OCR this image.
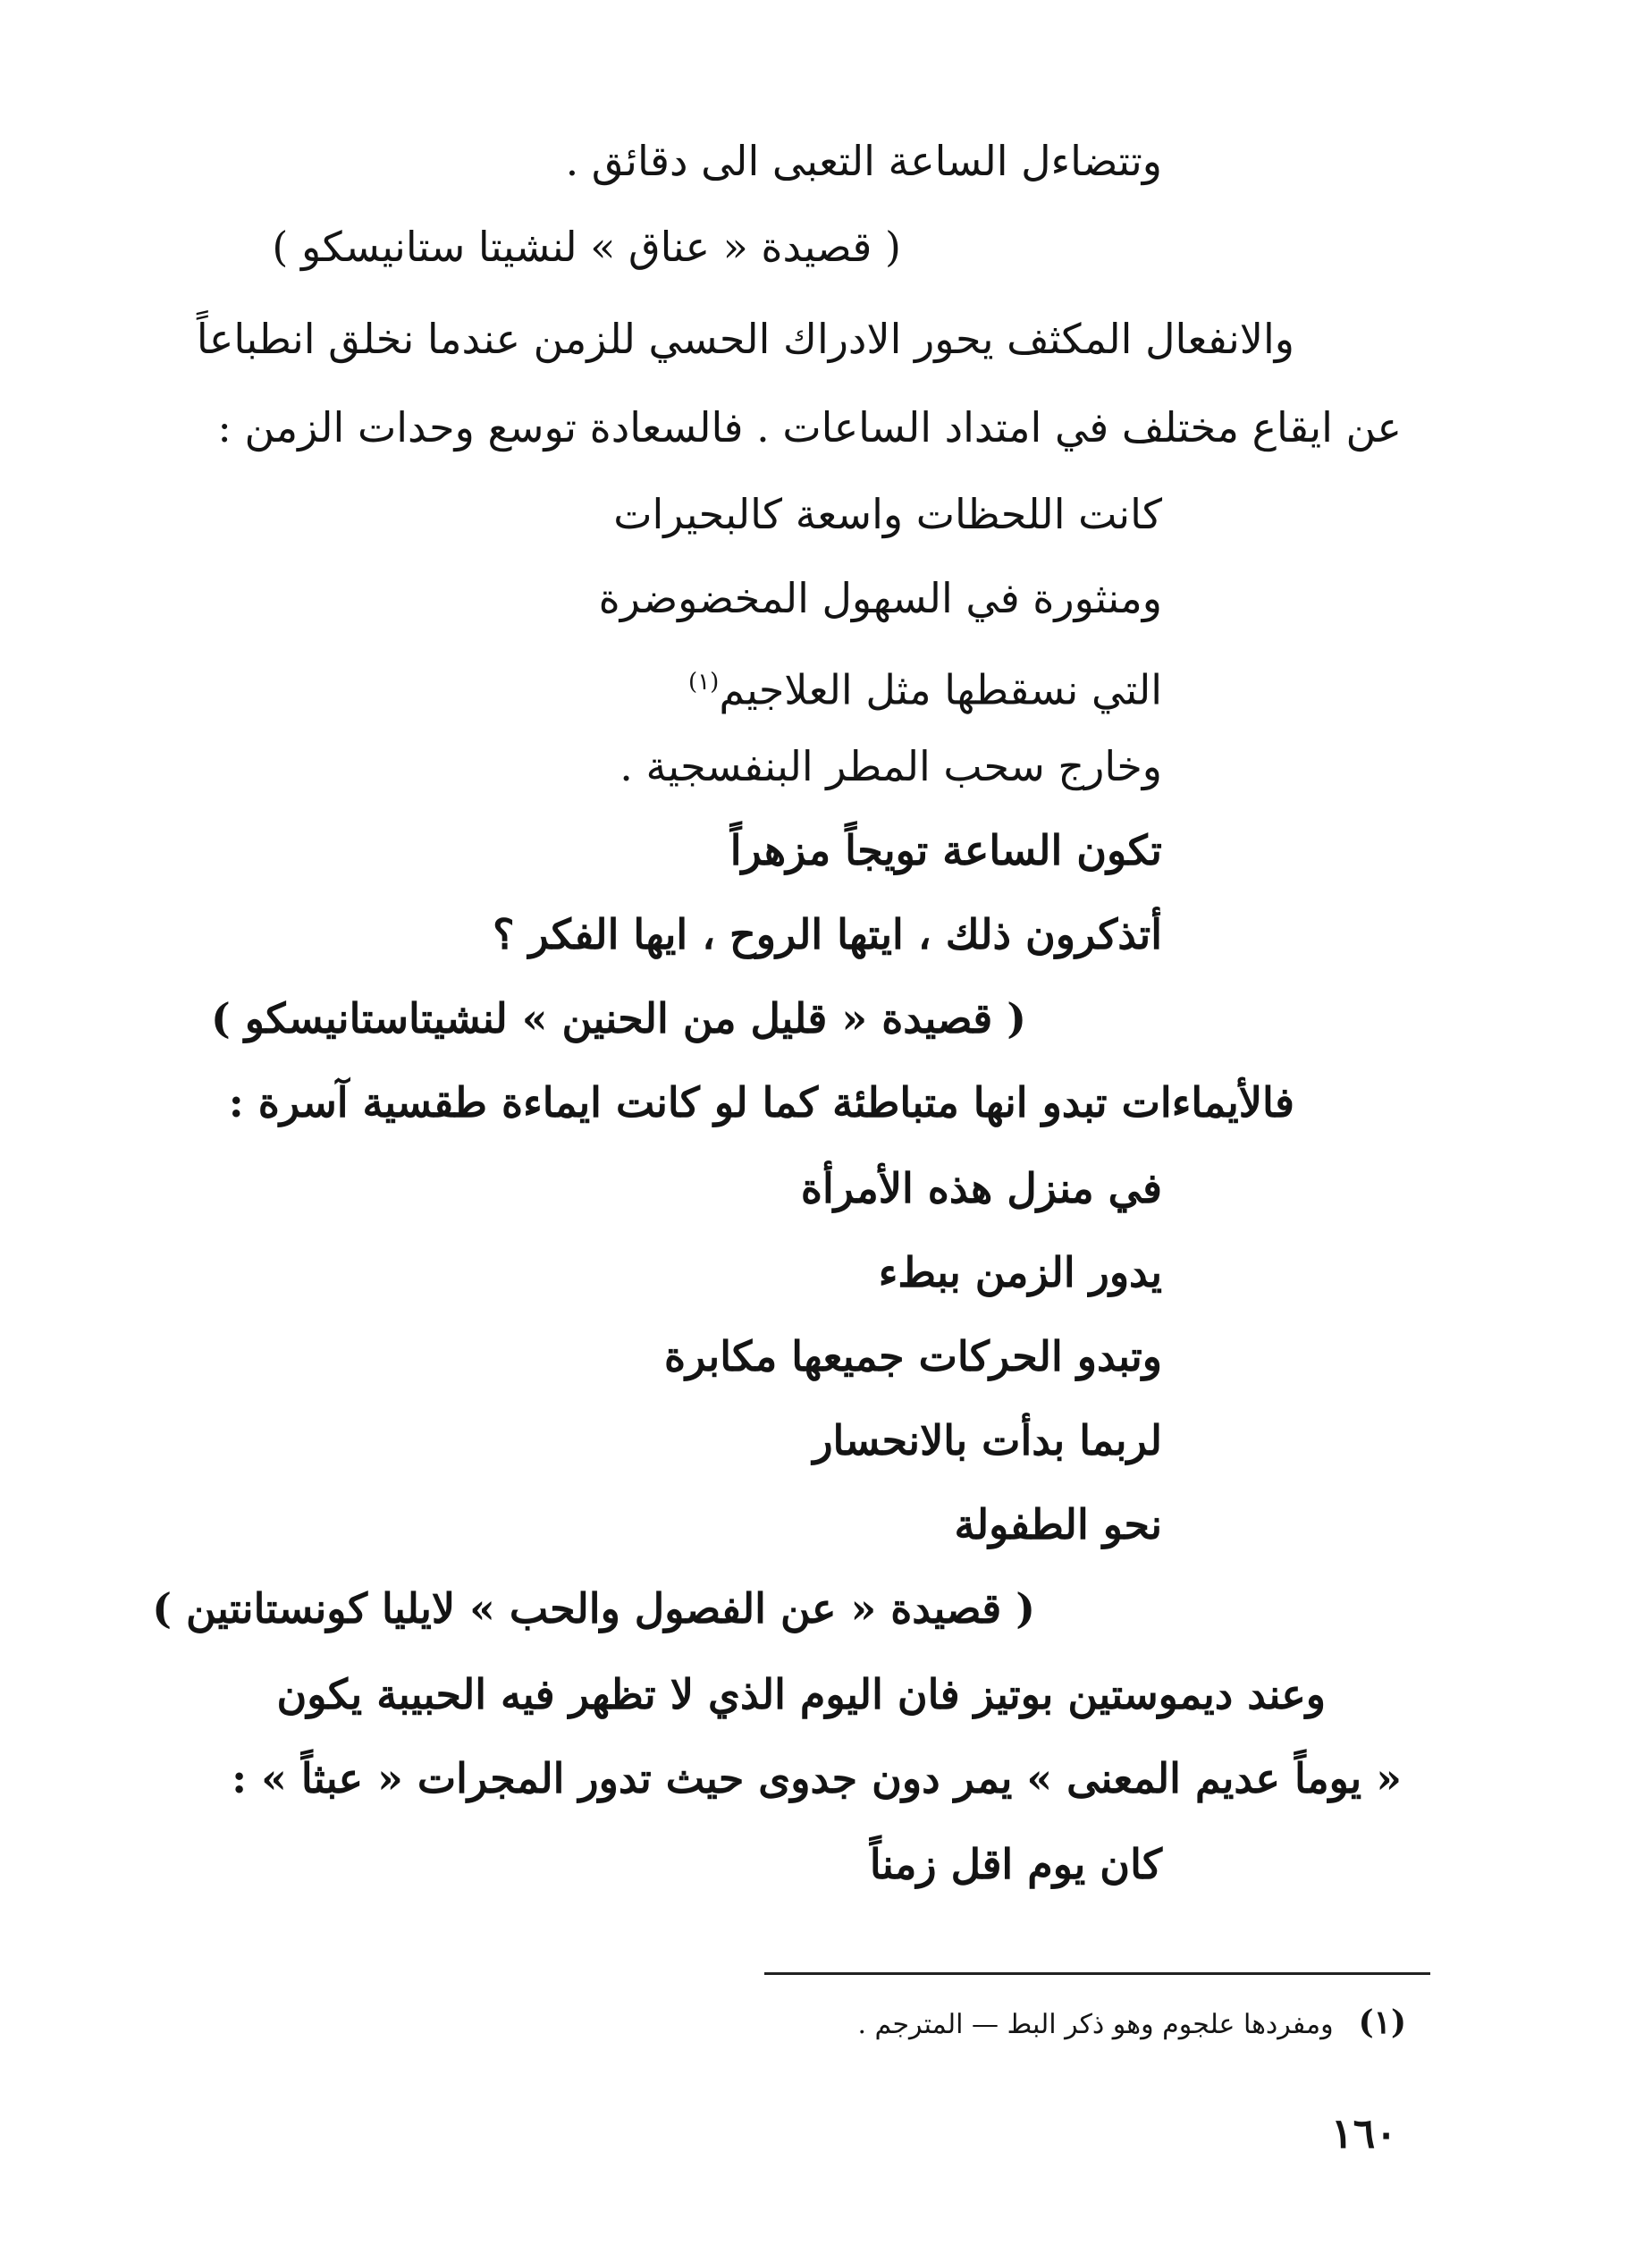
وتتضاءل الساعة التعبى الى دقائق .
( قصيدة « عناق » لنشيتا ستانيسكو )
والانفعال المكثف يحور الادراك الحسي للزمن عندما نخلق انطباعاً
عن ايقاع مختلف في امتداد الساعات . فالسعادة توسع وحدات الزمن :
كانت اللحظات واسعة كالبحيرات
ومنثورة في السهول المخضوضرة
التي نسقطها مثل العلاجيم$^{(١)}$
وخارج سحب المطر البنفسجية .
تكون الساعة تويجاً مزهراً
أتذكرون ذلك ، ايتها الروح ، ايها الفكر ؟
( قصيدة « قليل من الحنين » لنشيتاستانيسكو )
فالأيماءات تبدو انها متباطئة كما لو كانت ايماءة طقسية آسرة :
في منزل هذه الأمرأة
يدور الزمن ببطء
وتبدو الحركات جميعها مكابرة
لربما بدأت بالانحسار
نحو الطفولة
( قصيدة « عن الفصول والحب » لايليا كونستانتين )
وعند ديموستين بوتيز فان اليوم الذي لا تظهر فيه الحبيبة يكون
« يوماً عديم المعنى » يمر دون جدوى حيث تدور المجرات « عبثاً » :
كان يوم اقل زمناً
(١)ومفردها علجوم وهو ذكر البط — المترجم .
١٦٠
